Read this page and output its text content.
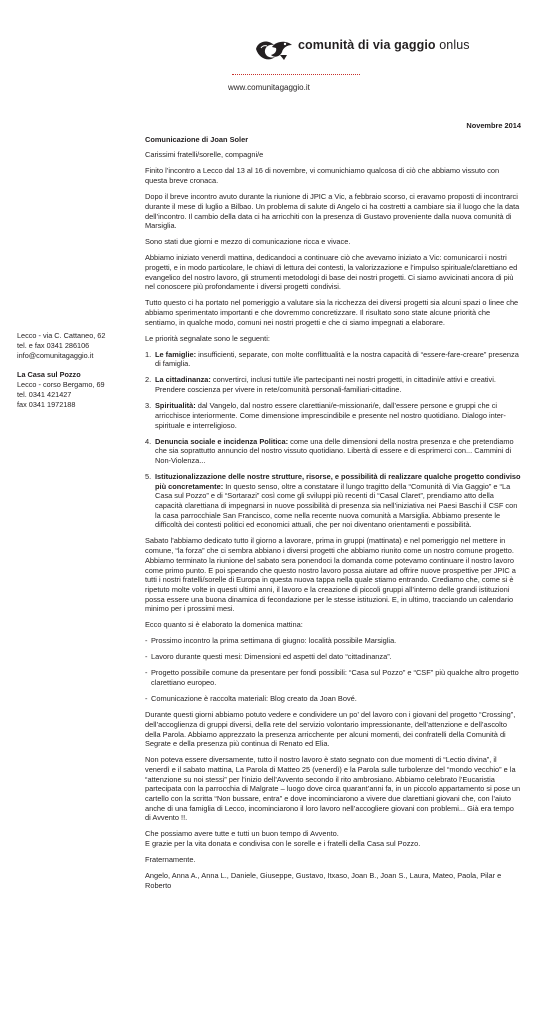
comunità di via gaggio onlus
www.comunitagaggio.it
Lecco - via C. Cattaneo, 62
tel. e fax 0341 286106
info@comunitagaggio.it
La Casa sul Pozzo
Lecco - corso Bergamo, 69
tel. 0341 421427
fax 0341 1972188
Novembre 2014
Comunicazione di Joan Soler

Carissimi fratelli/sorelle, compagni/e

Finito l’incontro a Lecco dal 13 al 16 di novembre, vi comunichiamo qualcosa di ciò che abbiamo vissuto con questa breve cronaca.

Dopo il breve incontro avuto durante la riunione di JPIC a Vic, a febbraio scorso, ci eravamo proposti di incontrarci durante il mese di luglio a Bilbao. Un problema di salute di Angelo ci ha costretti a cambiare sia il luogo che la data dell’incontro. Il cambio della data ci ha arricchiti con la presenza di Gustavo proveniente dalla nuova comunità di Marsiglia.

Sono stati due giorni e mezzo di comunicazione ricca e vivace.

Abbiamo iniziato venerdì mattina, dedicandoci a continuare ciò che avevamo iniziato a Vic: comunicarci i nostri progetti, e in modo particolare, le chiavi di lettura dei contesti, la valorizzazione e l’impulso spirituale/clarettiano ed evangelico del nostro lavoro, gli strumenti metodologi di base dei nostri progetti. Ci siamo avvicinati ancora di più nel conoscere più profondamente i diversi progetti condivisi.

Tutto questo ci ha portato nel pomeriggio a valutare sia la ricchezza dei diversi progetti sia alcuni spazi o linee che abbiamo sperimentato importanti e che dovremmo concretizzare. Il risultato sono state alcune priorità che sentiamo, in qualche modo, comuni nei nostri progetti e che ci siamo impegnati a elaborare.

Le priorità segnalate sono le seguenti:

1. Le famiglie: insufficienti, separate, con molte conflittualità e la nostra capacità di “essere-fare-creare” presenza di famiglia.
2. La cittadinanza: convertirci, inclusi tutti/e i/le partecipanti nei nostri progetti, in cittadini/e attivi e creativi. Prendere coscienza per vivere in rete/comunità personali-familiari-cittadine.
3. Spiritualità: dal Vangelo, dal nostro essere clarettiani/e-missionari/e, dall’essere persone e gruppi che ci arricchisce interiormente. Come dimensione imprescindibile e presente nel nostro quotidiano. Dialogo inter-spirituale e interreligioso.
4. Denuncia sociale e incidenza Politica: come una delle dimensioni della nostra presenza e che pretendiamo che sia soprattutto annuncio del nostro vissuto quotidiano. Libertà di essere e di esprimerci con... Cammini di Non-Violenza...
5. Istituzionalizzazione delle nostre strutture, risorse, e possibilità di realizzare qualche progetto condiviso più concretamente: In questo senso, oltre a constatare il lungo tragitto della “Comunità di Via Gaggio” e “La Casa sul Pozzo” e di “Sortarazi” così come gli sviluppi più recenti di “Casal Claret”, prendiamo atto della capacità clarettiana di impegnarsi in nuove possibilità di presenza sia nell’iniziativa nei Paesi Baschi il CSF con la casa parrocchiale San Francisco, come nella recente nuova comunità a Marsiglia. Abbiamo presente le difficoltà dei contesti politici ed economici attuali, che per noi diventano orientamenti e possibilità.

Sabato l’abbiamo dedicato tutto il giorno a lavorare, prima in gruppi (mattinata) e nel pomeriggio nel mettere in comune, “la forza” che ci sembra abbiano i diversi progetti che abbiamo riunito come un nostro comune progetto. Abbiamo terminato la riunione del sabato sera ponendoci la domanda come potevamo continuare il nostro lavoro come primo punto. E poi sperando che questo nostro lavoro possa aiutare ad offrire nuove prospettive per JPIC a tutti i nostri fratelli/sorelle di Europa in questa nuova tappa nella quale stiamo entrando. Crediamo che, come si è ripetuto molte volte in questi ultimi anni, il lavoro e la creazione di piccoli gruppi all’interno delle grandi istituzioni possa essere una buona dinamica di fecondazione per le stesse istituzioni. E, in ultimo, tracciando un calendario minimo per i prossimi mesi.

Ecco quanto si è elaborato la domenica mattina:

- Prossimo incontro la prima settimana di giugno: località possibile Marsiglia.
- Lavoro durante questi mesi: Dimensioni ed aspetti del dato “cittadinanza”.
- Progetto possibile comune da presentare per fondi possibili: “Casa sul Pozzo” e “CSF” più qualche altro progetto clarettiano europeo.
- Comunicazione è raccolta materiali: Blog creato da Joan Bové.

Durante questi giorni abbiamo potuto vedere e condividere un po’ del lavoro con i giovani del progetto “Crossing”, dell’accoglienza di gruppi diversi, della rete del servizio volontario impressionante, dell’attenzione e dell’ascolto della Parola. Abbiamo apprezzato la presenza arricchente per alcuni momenti, dei confratelli della Comunità di Segrate e della presenza più continua di Renato ed Elia.

Non poteva essere diversamente, tutto il nostro lavoro è stato segnato con due momenti di “Lectio divina”, il venerdì e il sabato mattina, La Parola di Matteo 25 (venerdì) e la Parola sulle turbolenze del “mondo vecchio” e la “attenzione su noi stessi” per l’inizio dell’Avvento secondo il rito ambrosiano. Abbiamo celebrato l’Eucaristia partecipata con la parrocchia di Malgrate – luogo dove circa quarant’anni fa, in un piccolo appartamento si pose un cartello con la scritta “Non bussare, entra” e dove incominciarono a vivere due clarettiani giovani che, con l’aiuto anche di una famiglia di Lecco, incominciarono il loro lavoro nell’accogliere giovani con problemi... Già era tempo di Avvento !!.

Che possiamo avere tutte e tutti un buon tempo di Avvento.
E grazie per la vita donata e condivisa con le sorelle e i fratelli della Casa sul Pozzo.

Fraternamente.

Angelo, Anna A., Anna L., Daniele, Giuseppe, Gustavo, Itxaso, Joan B., Joan S., Laura, Mateo, Paola, Pilar e Roberto
